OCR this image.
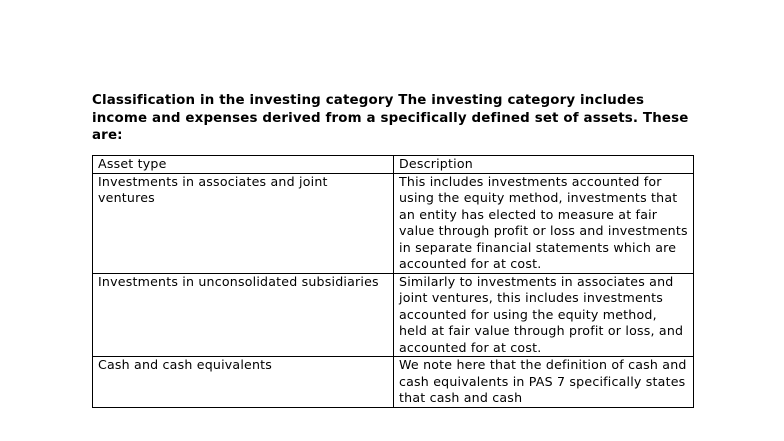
Classification in the investing category The investing category includes income and expenses derived from a specifically defined set of assets. These are:

Asset type	Description
Investments in associates and joint ventures	This includes investments accounted for using the equity method, investments that an entity has elected to measure at fair value through profit or loss and investments in separate financial statements which are accounted for at cost.
Investments in unconsolidated subsidiaries	Similarly to investments in associates and joint ventures, this includes investments accounted for using the equity method, held at fair value through profit or loss, and accounted for at cost.
Cash and cash equivalents	We note here that the definition of cash and cash equivalents in PAS 7 specifically states that cash and cash
